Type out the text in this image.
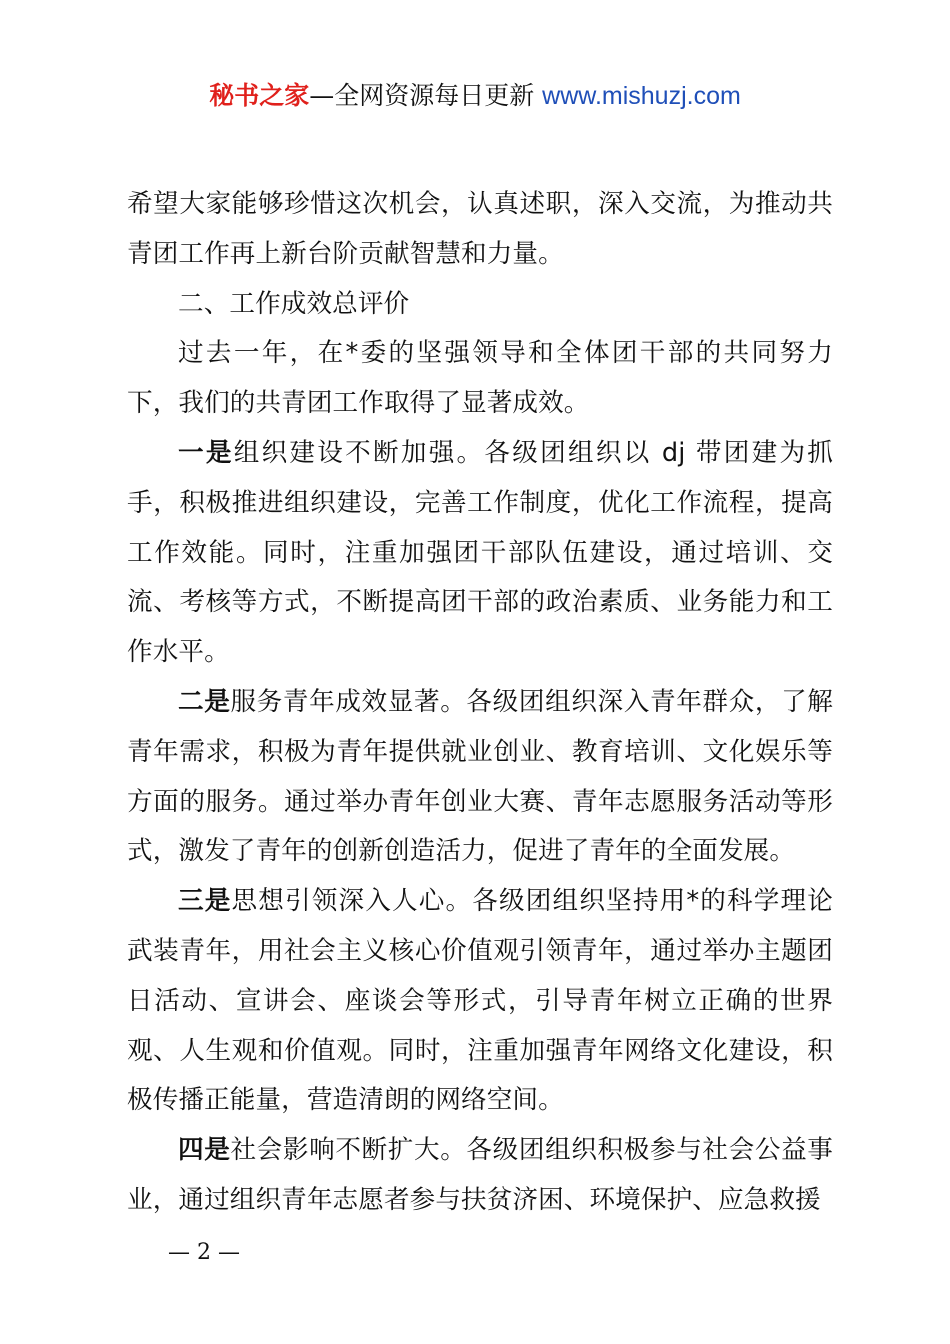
秘书之家—全网资源每日更新 www.mishuzj.com

希望大家能够珍惜这次机会，认真述职，深入交流，为推动共青团工作再上新台阶贡献智慧和力量。

二、工作成效总评价

过去一年，在*委的坚强领导和全体团干部的共同努力下，我们的共青团工作取得了显著成效。

一是组织建设不断加强。各级团组织以 dj 带团建为抓手，积极推进组织建设，完善工作制度，优化工作流程，提高工作效能。同时，注重加强团干部队伍建设，通过培训、交流、考核等方式，不断提高团干部的政治素质、业务能力和工作水平。

二是服务青年成效显著。各级团组织深入青年群众，了解青年需求，积极为青年提供就业创业、教育培训、文化娱乐等方面的服务。通过举办青年创业大赛、青年志愿服务活动等形式，激发了青年的创新创造活力，促进了青年的全面发展。

三是思想引领深入人心。各级团组织坚持用*的科学理论武装青年，用社会主义核心价值观引领青年，通过举办主题团日活动、宣讲会、座谈会等形式，引导青年树立正确的世界观、人生观和价值观。同时，注重加强青年网络文化建设，积极传播正能量，营造清朗的网络空间。

四是社会影响不断扩大。各级团组织积极参与社会公益事业，通过组织青年志愿者参与扶贫济困、环境保护、应急救援

— 2 —
